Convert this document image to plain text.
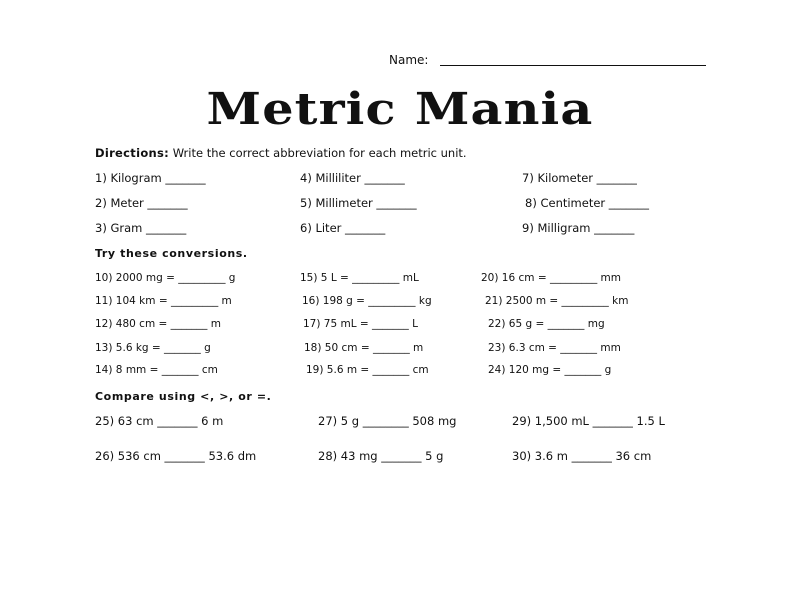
Name:
Metric Mania
Directions: Write the correct abbreviation for each metric unit.
1) Kilogram _______	4) Milliliter _______	7) Kilometer _______
2) Meter _______	5) Millimeter _______	8) Centimeter _______
3) Gram _______	6) Liter _______	9) Milligram _______
Try these conversions.
10) 2000 mg = _________ g	15) 5 L = _________ mL	20) 16 cm = _________ mm
11) 104 km = _________ m	16) 198 g = _________ kg	21) 2500 m = _________ km
12) 480 cm = _______ m	17) 75 mL = _______ L	22) 65 g = _______ mg
13) 5.6 kg = _______ g	18) 50 cm = _______ m	23) 6.3 cm = _______ mm
14) 8 mm = _______ cm	19) 5.6 m = _______ cm	24) 120 mg = _______ g
Compare using <, >, or =.
25) 63 cm _______ 6 m	27) 5 g ________ 508 mg	29) 1,500 mL _______ 1.5 L
26) 536 cm _______ 53.6 dm	28) 43 mg _______ 5 g	30) 3.6 m _______ 36 cm
